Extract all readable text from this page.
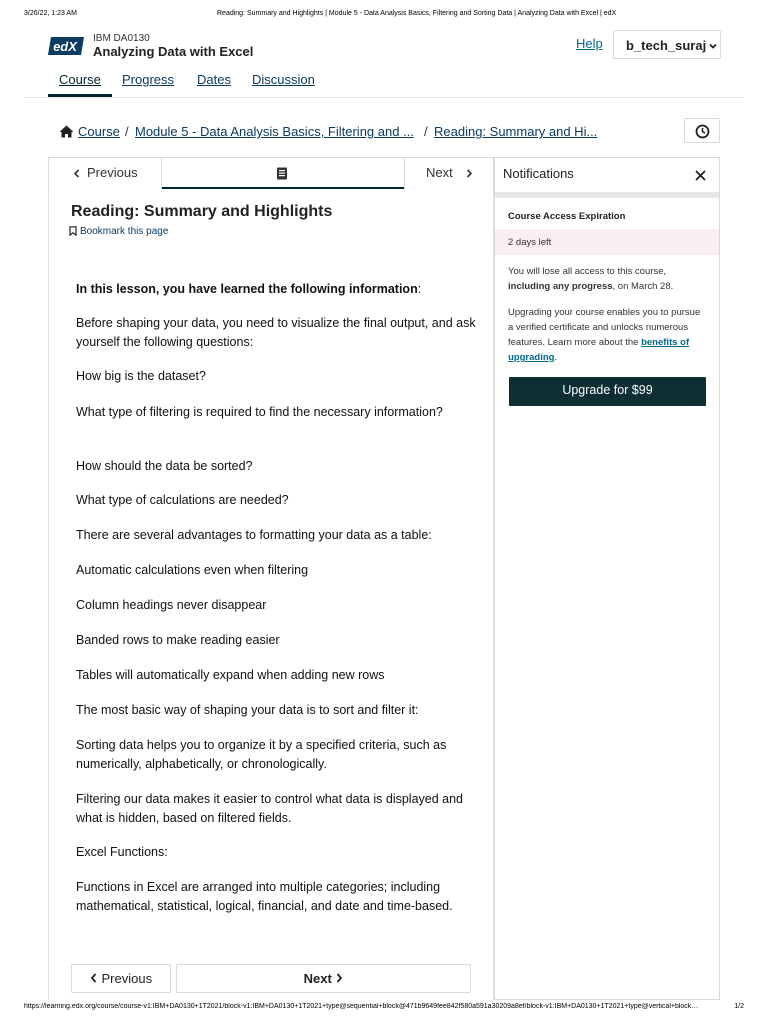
3/26/22, 1:23 AM	Reading: Summary and Highlights | Module 5 - Data Analysis Basics, Filtering and Sorting Data | Analyzing Data with Excel | edX
edX
IBM DA0130
Analyzing Data with Excel
Help	b_tech_suraj
Course Progress Dates Discussion
Course / Module 5 - Data Analysis Basics, Filtering and ... / Reading: Summary and Hi...
Previous	Next
Reading: Summary and Highlights
Bookmark this page

In this lesson, you have learned the following information:

Before shaping your data, you need to visualize the final output, and ask yourself the following questions:

How big is the dataset?

What type of filtering is required to find the necessary information?

How should the data be sorted?

What type of calculations are needed?

There are several advantages to formatting your data as a table:

Automatic calculations even when filtering

Column headings never disappear

Banded rows to make reading easier

Tables will automatically expand when adding new rows

The most basic way of shaping your data is to sort and filter it:

Sorting data helps you to organize it by a specified criteria, such as numerically, alphabetically, or chronologically.

Filtering our data makes it easier to control what data is displayed and what is hidden, based on filtered fields.

Excel Functions:

Functions in Excel are arranged into multiple categories; including mathematical, statistical, logical, financial, and date and time-based.

Previous	Next
Notifications
Course Access Expiration
2 days left

You will lose all access to this course, including any progress, on March 28.

Upgrading your course enables you to pursue a verified certificate and unlocks numerous features. Learn more about the benefits of upgrading.

Upgrade for $99
https://learning.edx.org/course/course-v1:IBM+DA0130+1T2021/block-v1:IBM+DA0130+1T2021+type@sequential+block@471b9649fee842f580a591a30209a8ef/block-v1:IBM+DA0130+1T2021+type@vertical+block…	1/2
